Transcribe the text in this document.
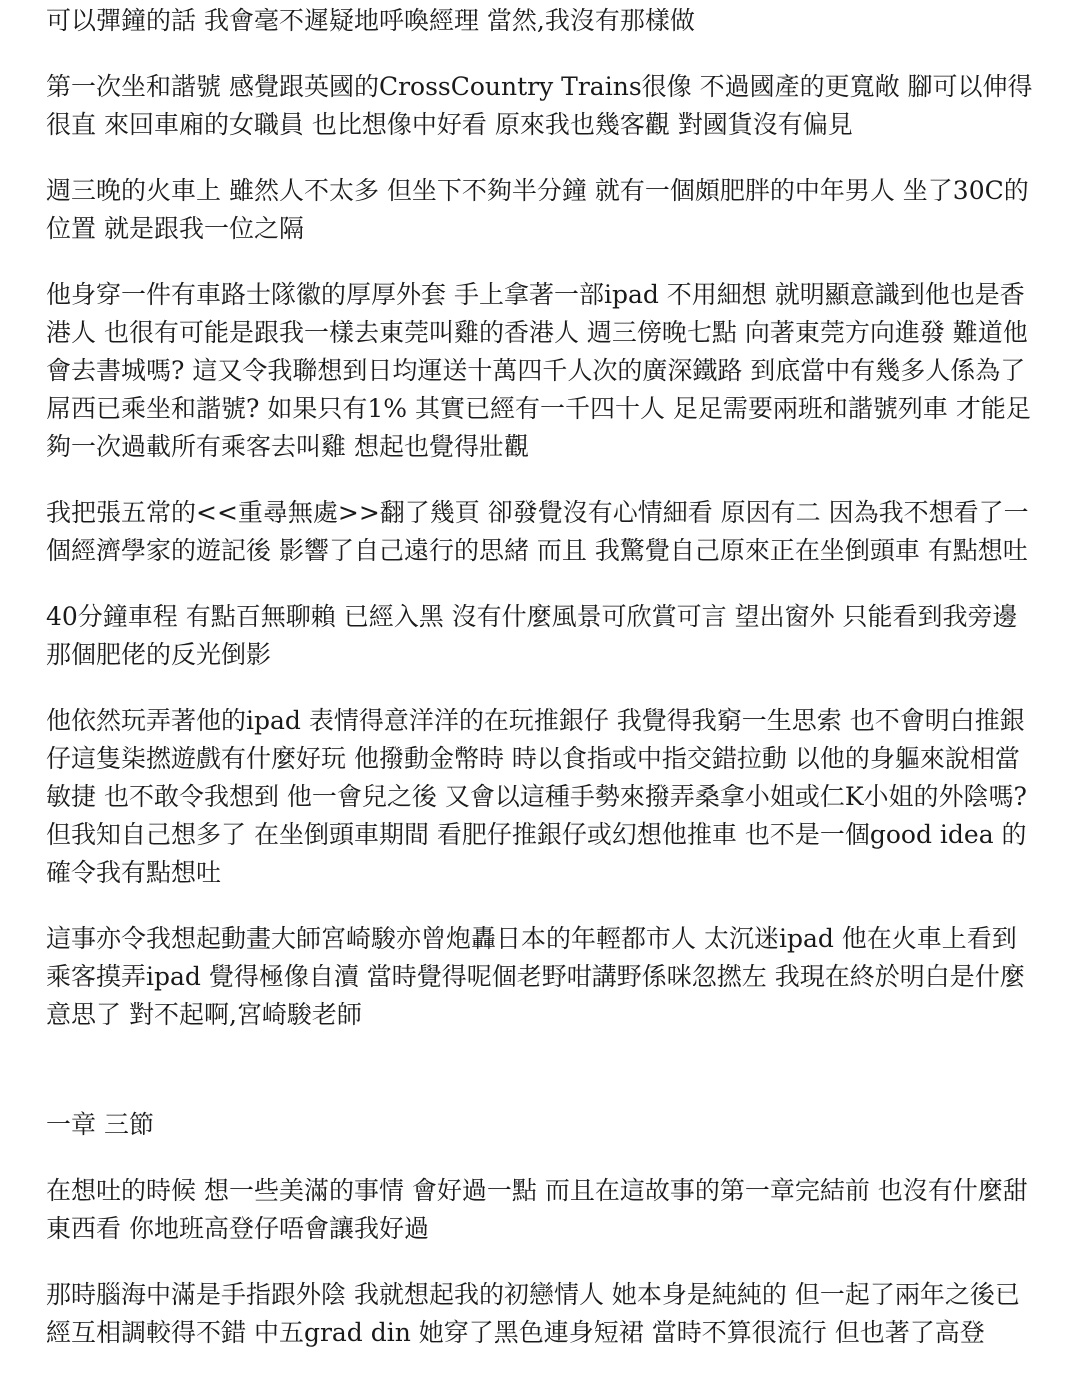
可以彈鐘的話 我會毫不遲疑地呼喚經理 當然,我沒有那樣做

第一次坐和諧號 感覺跟英國的CrossCountry Trains很像 不過國產的更寬敞 腳可以伸得很直 來回車廂的女職員 也比想像中好看 原來我也幾客觀 對國貨沒有偏見

週三晚的火車上 雖然人不太多 但坐下不夠半分鐘 就有一個頗肥胖的中年男人 坐了30C的位置 就是跟我一位之隔

他身穿一件有車路士隊徽的厚厚外套 手上拿著一部ipad 不用細想 就明顯意識到他也是香港人 也很有可能是跟我一樣去東莞叫雞的香港人 週三傍晚七點 向著東莞方向進發 難道他會去書城嗎? 這又令我聯想到日均運送十萬四千人次的廣深鐵路 到底當中有幾多人係為了屌西已乘坐和諧號? 如果只有1% 其實已經有一千四十人 足足需要兩班和諧號列車 才能足夠一次過載所有乘客去叫雞 想起也覺得壯觀

我把張五常的<<重尋無處>>翻了幾頁 卻發覺沒有心情細看 原因有二 因為我不想看了一個經濟學家的遊記後 影響了自己遠行的思緒 而且 我驚覺自己原來正在坐倒頭車 有點想吐

40分鐘車程 有點百無聊賴 已經入黑 沒有什麼風景可欣賞可言 望出窗外 只能看到我旁邊那個肥佬的反光倒影

他依然玩弄著他的ipad 表情得意洋洋的在玩推銀仔 我覺得我窮一生思索 也不會明白推銀仔這隻柒撚遊戲有什麼好玩 他撥動金幣時 時以食指或中指交錯拉動 以他的身軀來說相當敏捷 也不敢令我想到 他一會兒之後 又會以這種手勢來撥弄桑拿小姐或仁K小姐的外陰嗎? 但我知自己想多了 在坐倒頭車期間 看肥仔推銀仔或幻想他推車 也不是一個good idea 的確令我有點想吐

這事亦令我想起動畫大師宮崎駿亦曾炮轟日本的年輕都市人 太沉迷ipad 他在火車上看到乘客摸弄ipad 覺得極像自瀆 當時覺得呢個老野咁講野係咪忽撚左 我現在終於明白是什麼意思了 對不起啊,宮崎駿老師

一章 三節

在想吐的時候 想一些美滿的事情 會好過一點 而且在這故事的第一章完結前 也沒有什麼甜東西看 你地班高登仔唔會讓我好過

那時腦海中滿是手指跟外陰 我就想起我的初戀情人 她本身是純純的 但一起了兩年之後已經互相調較得不錯 中五grad din 她穿了黑色連身短裙 當時不算很流行 但也著了高登
